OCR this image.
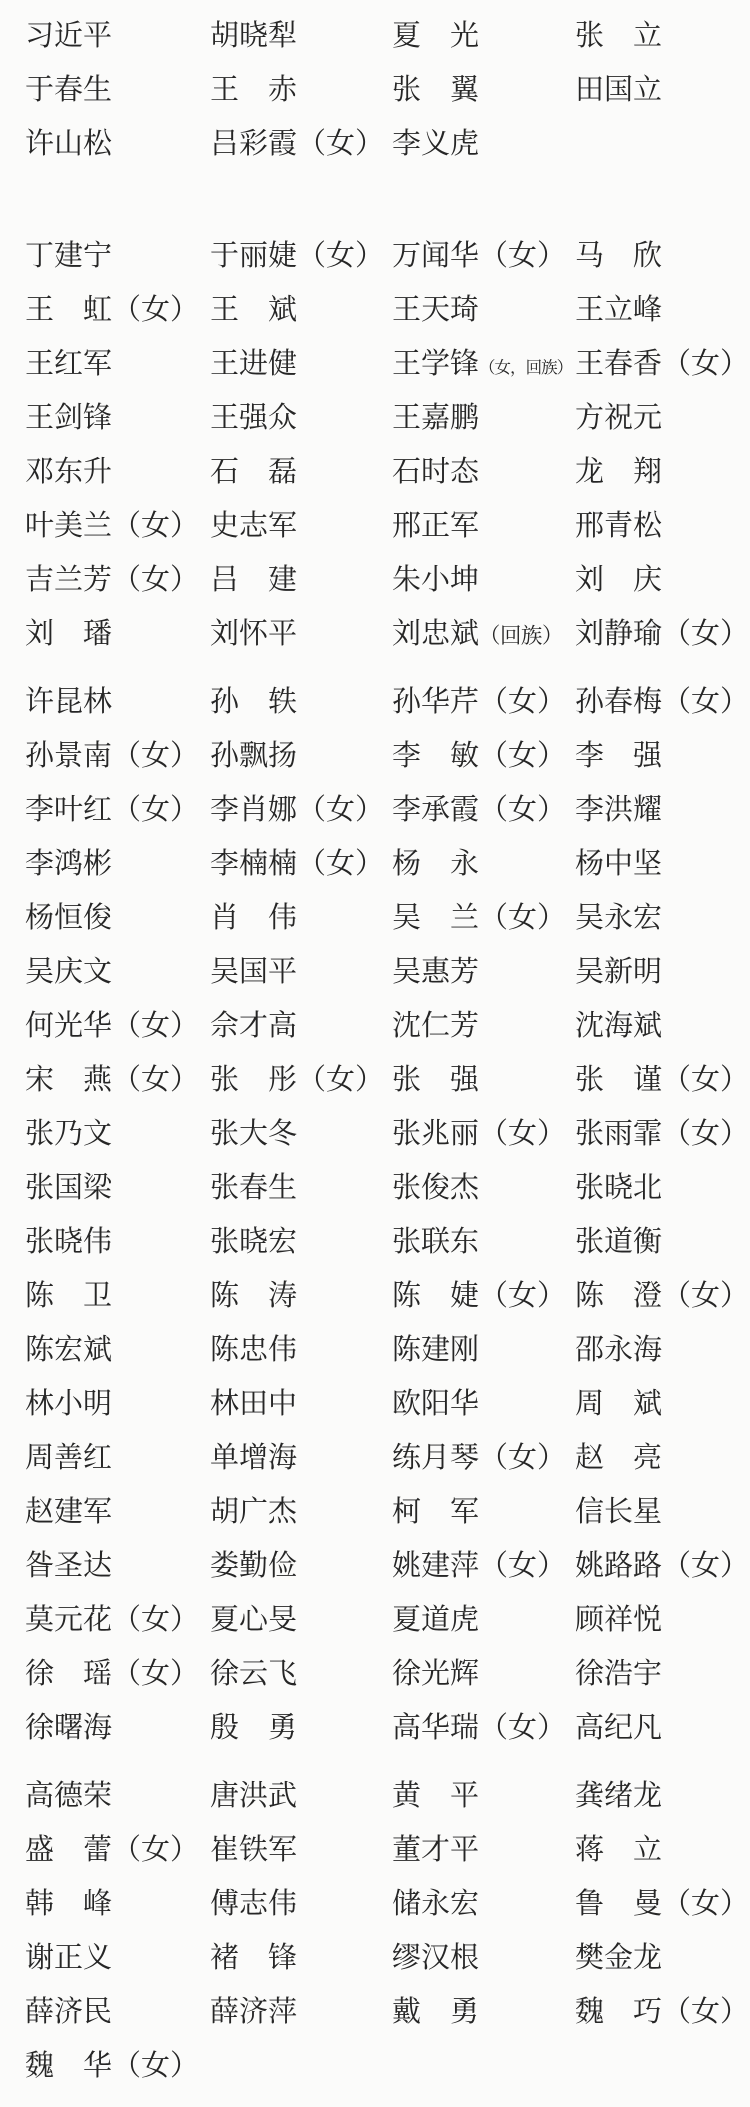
习近平	胡晓犁	夏　光	张　立
于春生	王　赤	张　翼	田国立
许山松	吕彩霞（女） 李义虎
丁建宁	于丽婕（女） 万闻华（女） 马　欣
王　虹（女） 王　斌	王天琦	王立峰
王红军	王进健	王学锋（女，回族） 王春香（女）
王剑锋	王强众	王嘉鹏	方祝元
邓东升	石　磊	石时态	龙　翔
叶美兰（女） 史志军	邢正军	邢青松
吉兰芳（女） 吕　建	朱小坤	刘　庆
刘　璠	刘怀平	刘忠斌（回族） 刘静瑜（女）
许昆林	孙　轶	孙华芹（女） 孙春梅（女）
孙景南（女） 孙飘扬	李　敏（女） 李　强
李叶红（女） 李肖娜（女） 李承霞（女） 李洪耀
李鸿彬	李楠楠（女） 杨　永	杨中坚
杨恒俊	肖　伟	吴　兰（女） 吴永宏
吴庆文	吴国平	吴惠芳	吴新明
何光华（女） 佘才高	沈仁芳	沈海斌
宋　燕（女） 张　彤（女） 张　强	张　谨（女）
张乃文	张大冬	张兆丽（女） 张雨霏（女）
张国梁	张春生	张俊杰	张晓北
张晓伟	张晓宏	张联东	张道衡
陈　卫	陈　涛	陈　婕（女） 陈　澄（女）
陈宏斌	陈忠伟	陈建刚	邵永海
林小明	林田中	欧阳华	周　斌
周善红	单增海	练月琴（女） 赵　亮
赵建军	胡广杰	柯　军	信长星
昝圣达	娄勤俭	姚建萍（女） 姚路路（女）
莫元花（女） 夏心旻	夏道虎	顾祥悦
徐　瑶（女） 徐云飞	徐光辉	徐浩宇
徐曙海	殷　勇	高华瑞（女） 高纪凡
高德荣	唐洪武	黄　平	龚绪龙
盛　蕾（女） 崔铁军	董才平	蒋　立
韩　峰	傅志伟	储永宏	鲁　曼（女）
谢正义	褚　锋	缪汉根	樊金龙
薛济民	薛济萍	戴　勇	魏　巧（女）
魏　华（女）
